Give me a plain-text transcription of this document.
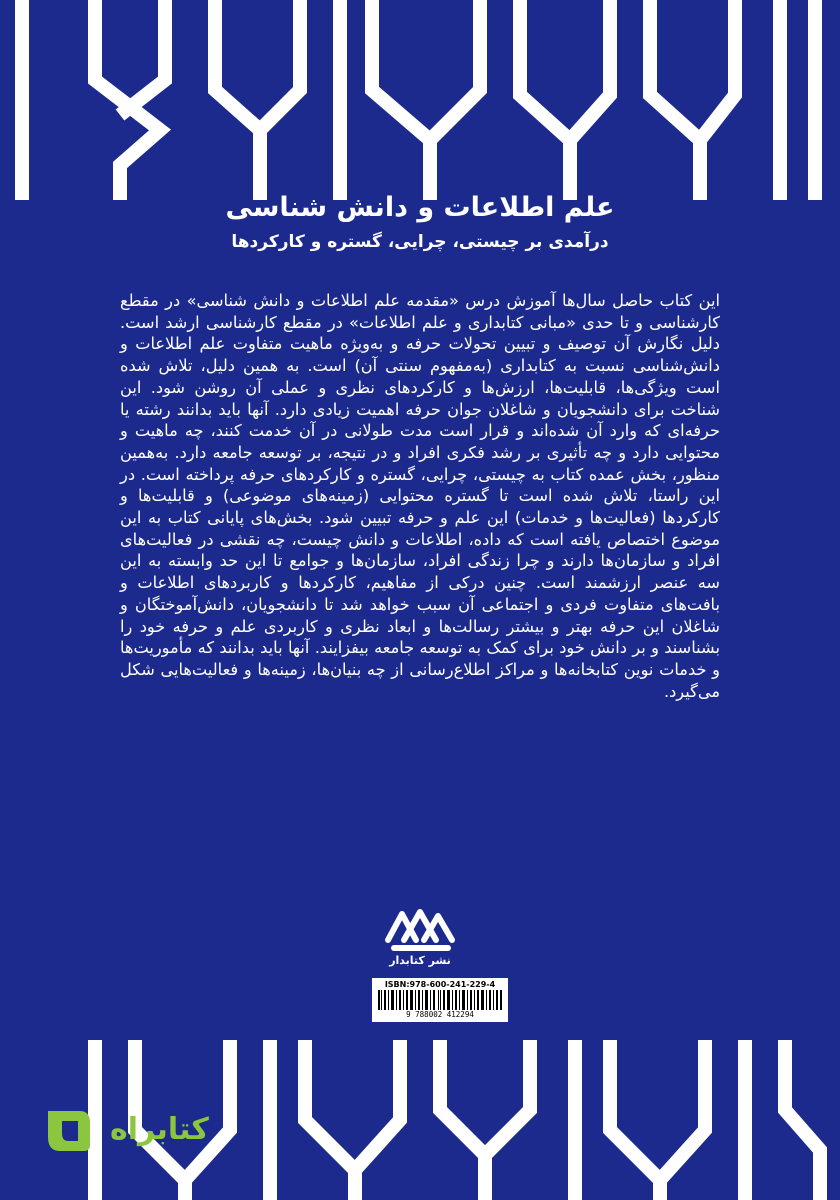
علم اطلاعات و دانش شناسی
درآمدی بر چیستی، چرایی، گستره و کارکردها
این کتاب حاصل سال‌ها آموزش درس «مقدمه علم اطلاعات و دانش شناسی» در مقطع کارشناسی و تا حدی «مبانی کتابداری و علم اطلاعات» در مقطع کارشناسی ارشد است. دلیل نگارش آن توصیف و تبیین تحولات حرفه و به‌ویژه ماهیت متفاوت علم اطلاعات و دانش‌شناسی نسبت به کتابداری (به‌مفهوم سنتی آن) است. به همین دلیل، تلاش شده است ویژگی‌ها، قابلیت‌ها، ارزش‌ها و کارکردهای نظری و عملی آن روشن شود. این شناخت برای دانشجویان و شاغلان جوان حرفه اهمیت زیادی دارد. آنها باید بدانند رشته یا حرفه‌ای که وارد آن شده‌اند و قرار است مدت طولانی در آن خدمت کنند، چه ماهیت و محتوایی دارد و چه تأثیری بر رشد فکری افراد و در نتیجه، بر توسعه جامعه دارد. به‌همین منظور، بخش عمده کتاب به چیستی، چرایی، گستره و کارکردهای حرفه پرداخته است. در این راستا، تلاش شده است تا گستره محتوایی (زمینه‌های موضوعی) و قابلیت‌ها و کارکردها (فعالیت‌ها و خدمات) این علم و حرفه تبیین شود. بخش‌های پایانی کتاب به این موضوع اختصاص یافته است که داده، اطلاعات و دانش چیست، چه نقشی در فعالیت‌های افراد و سازمان‌ها دارند و چرا زندگی افراد، سازمان‌ها و جوامع تا این حد وابسته به این سه عنصر ارزشمند است. چنین درکی از مفاهیم، کارکردها و کاربردهای اطلاعات و بافت‌های متفاوت فردی و اجتماعی آن سبب خواهد شد تا دانشجویان، دانش‌آموختگان و شاغلان این حرفه بهتر و بیشتر رسالت‌ها و ابعاد نظری و کاربردی علم و حرفه خود را بشناسند و بر دانش خود برای کمک به توسعه جامعه بیفزایند. آنها باید بدانند که مأموریت‌ها و خدمات نوین کتابخانه‌ها و مراکز اطلاع‌رسانی از چه بنیان‌ها، زمینه‌ها و فعالیت‌هایی شکل می‌گیرد.
نشر کتابدار
ISBN:978-600-241-229-4
9 788002 412294
کتابراه
